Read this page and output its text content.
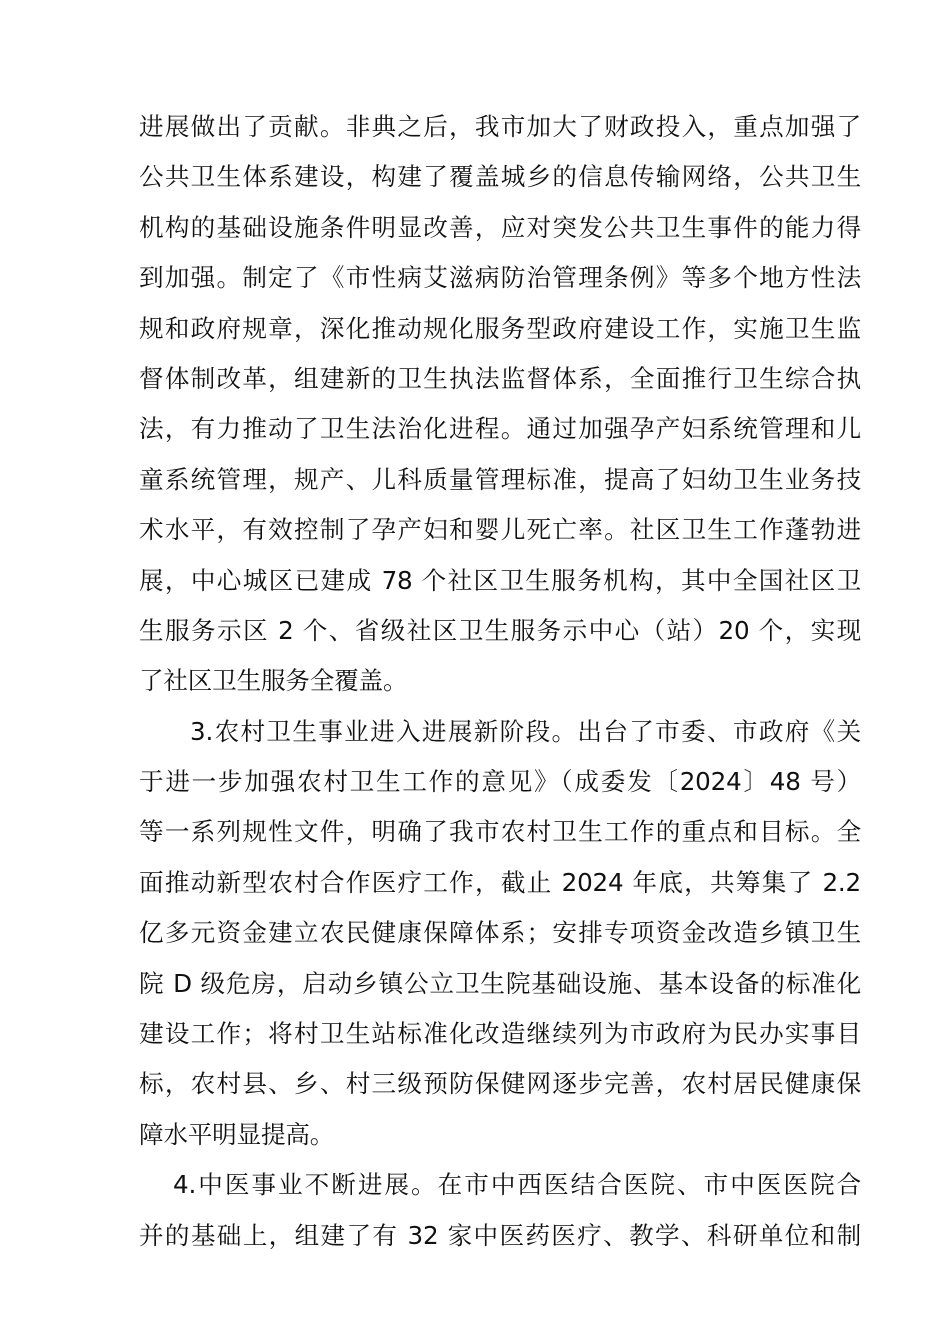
进展做出了贡献。非典之后，我市加大了财政投入，重点加强了
公共卫生体系建设，构建了覆盖城乡的信息传输网络，公共卫生
机构的基础设施条件明显改善，应对突发公共卫生事件的能力得
到加强。制定了《市性病艾滋病防治管理条例》等多个地方性法
规和政府规章，深化推动规化服务型政府建设工作，实施卫生监
督体制改革，组建新的卫生执法监督体系，全面推行卫生综合执
法，有力推动了卫生法治化进程。通过加强孕产妇系统管理和儿
童系统管理，规产、儿科质量管理标准，提高了妇幼卫生业务技
术水平，有效控制了孕产妇和婴儿死亡率。社区卫生工作蓬勃进
展，中心城区已建成 78 个社区卫生服务机构，其中全国社区卫
生服务示区 2 个、省级社区卫生服务示中心（站）20 个，实现
了社区卫生服务全覆盖。
3.农村卫生事业进入进展新阶段。出台了市委、市政府《关
于进一步加强农村卫生工作的意见》（成委发〔2024〕48 号）
等一系列规性文件，明确了我市农村卫生工作的重点和目标。全
面推动新型农村合作医疗工作，截止 2024 年底，共筹集了 2.2
亿多元资金建立农民健康保障体系；安排专项资金改造乡镇卫生
院 D 级危房，启动乡镇公立卫生院基础设施、基本设备的标准化
建设工作；将村卫生站标准化改造继续列为市政府为民办实事目
标，农村县、乡、村三级预防保健网逐步完善，农村居民健康保
障水平明显提高。
4.中医事业不断进展。在市中西医结合医院、市中医医院合
并的基础上，组建了有 32 家中医药医疗、教学、科研单位和制
